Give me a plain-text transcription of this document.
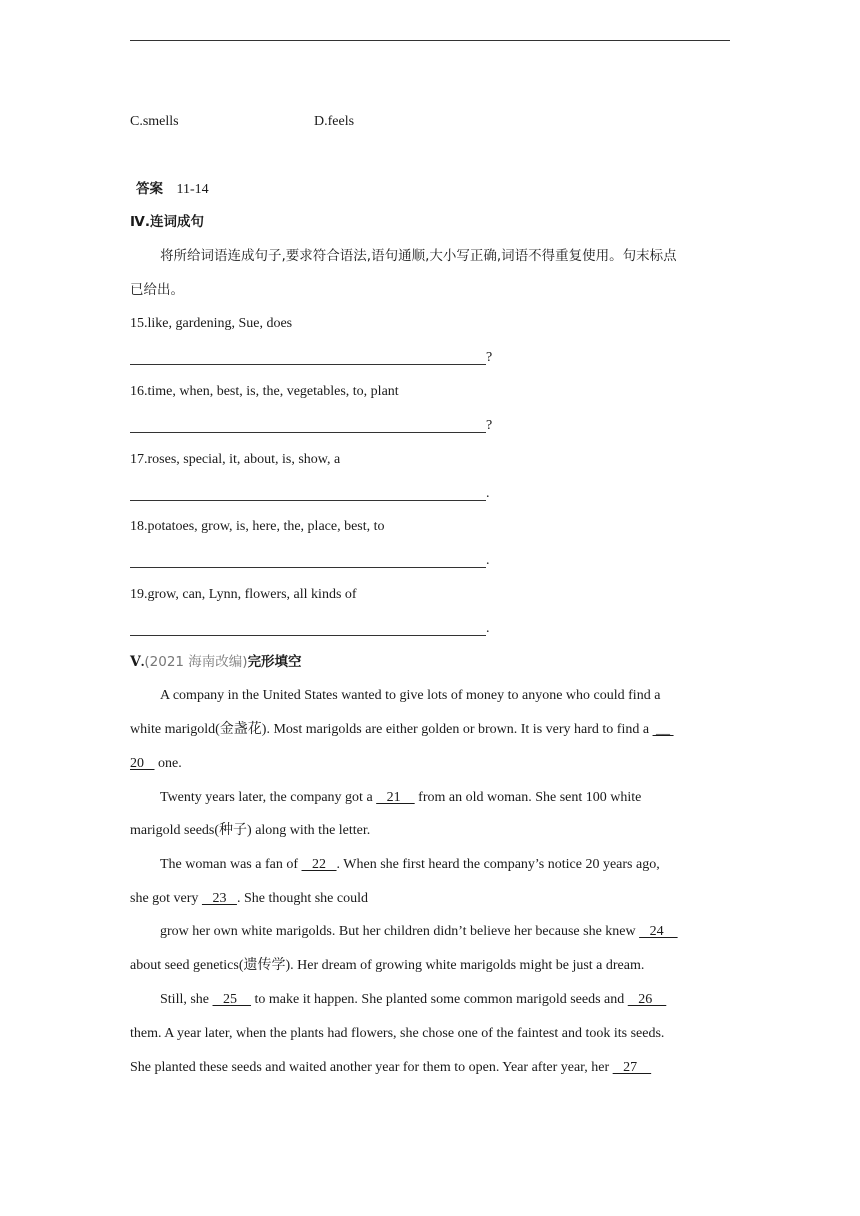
C.smells	D.feels
答案 11-14
Ⅳ.连词成句
将所给词语连成句子,要求符合语法,语句通顺,大小写正确,词语不得重复使用。句末标点
已给出。
15.like, gardening, Sue, does
?
16.time, when, best, is, the, vegetables, to, plant
?
17.roses, special, it, about, is, show, a
.
18.potatoes, grow, is, here, the, place, best, to
.
19.grow, can, Lynn, flowers, all kinds of
.
Ⅴ.(2021 海南改编)完形填空
A company in the United States wanted to give lots of money to anyone who could find a
white marigold(金盏花). Most marigolds are either golden or brown. It is very hard to find a  __
20    one.
Twenty years later, the company got a    21     from an old woman. She sent 100 white
marigold seeds(种子) along with the letter.
The woman was a fan of    22   . When she first heard the company’s notice 20 years ago,
she got very    23   . She thought she could
grow her own white marigolds. But her children didn’t believe her because she knew    24
about seed genetics(遗传学). Her dream of growing white marigolds might be just a dream.
Still, she    25     to make it happen. She planted some common marigold seeds and    26
them. A year later, when the plants had flowers, she chose one of the faintest and took its seeds.
She planted these seeds and waited another year for them to open. Year after year, her    27
